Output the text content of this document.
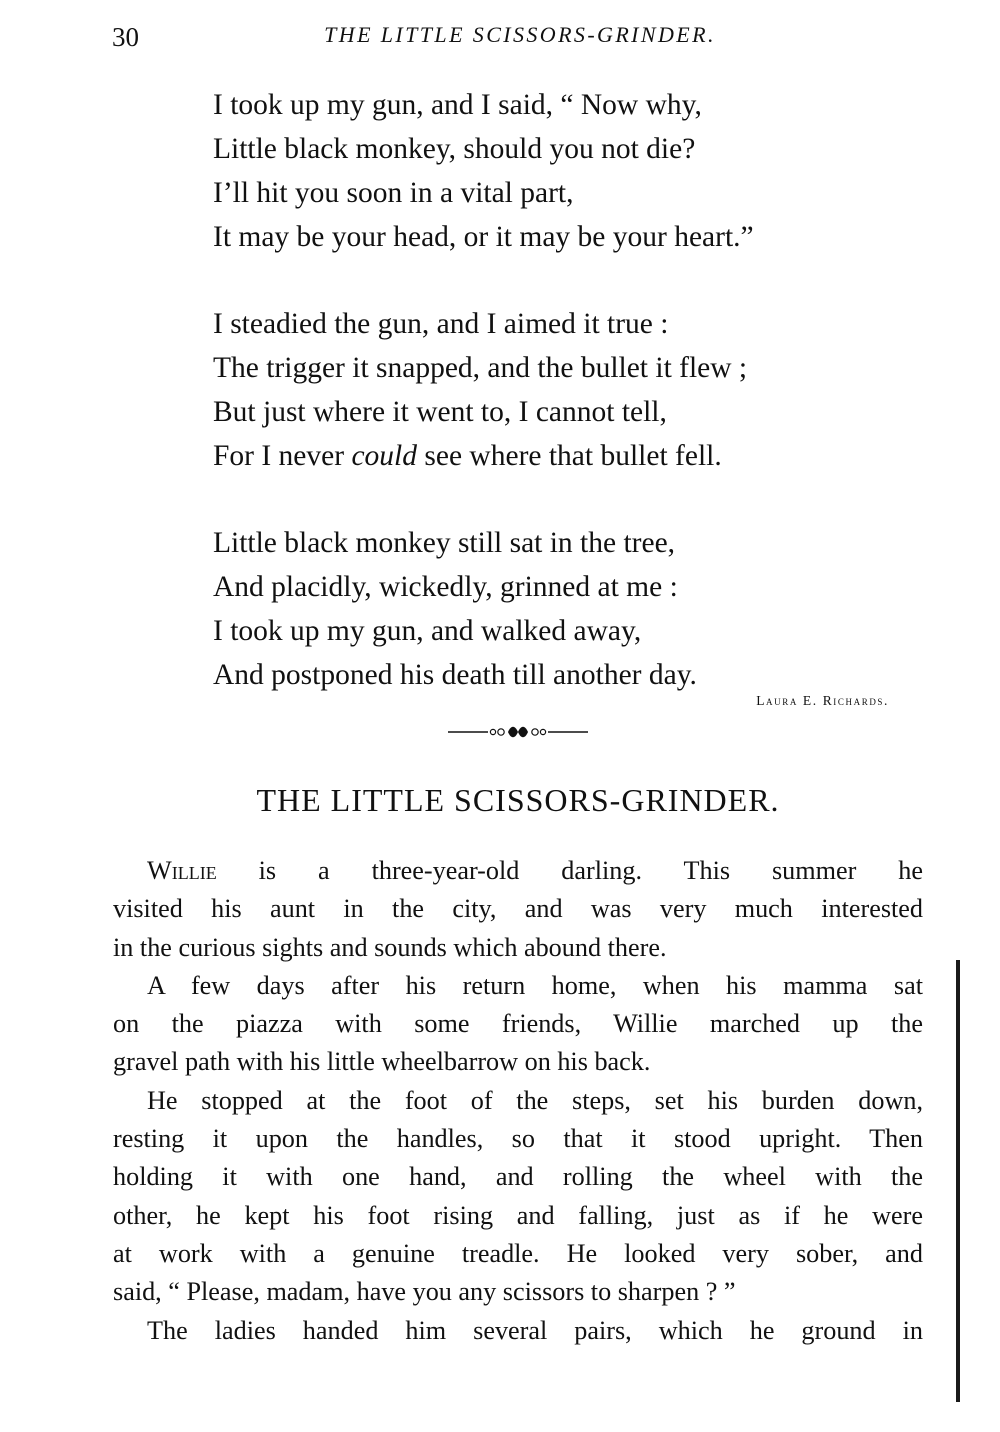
30	THE LITTLE SCISSORS-GRINDER.
I took up my gun, and I said, “ Now why,
Little black monkey, should you not die?
I’ll hit you soon in a vital part,
It may be your head, or it may be your heart.”
I steadied the gun, and I aimed it true :
The trigger it snapped, and the bullet it flew ;
But just where it went to, I cannot tell,
For I never could see where that bullet fell.
Little black monkey still sat in the tree,
And placidly, wickedly, grinned at me :
I took up my gun, and walked away,
And postponed his death till another day.
Laura E. Richards.
THE LITTLE SCISSORS-GRINDER.
Willie is a three-year-old darling. This summer he
visited his aunt in the city, and was very much interested
in the curious sights and sounds which abound there.
A few days after his return home, when his mamma sat
on the piazza with some friends, Willie marched up the
gravel path with his little wheelbarrow on his back.
He stopped at the foot of the steps, set his burden down,
resting it upon the handles, so that it stood upright. Then
holding it with one hand, and rolling the wheel with the
other, he kept his foot rising and falling, just as if he were
at work with a genuine treadle. He looked very sober, and
said, “ Please, madam, have you any scissors to sharpen ? ”
The ladies handed him several pairs, which he ground in
